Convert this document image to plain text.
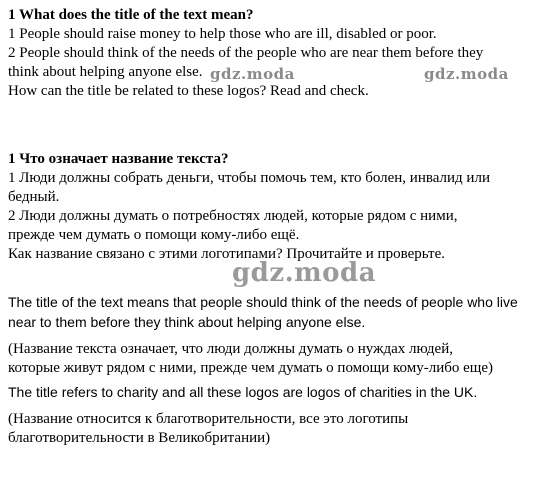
1 What does the title of the text mean?
1 People should raise money to help those who are ill, disabled or poor.
2 People should think of the needs of the people who are near them before they
think about helping anyone else.
How can the title be related to these logos? Read and check.
gdz.moda	gdz.moda
1 Что означает название текста?
1 Люди должны собрать деньги, чтобы помочь тем, кто болен, инвалид или
бедный.
2 Люди должны думать о потребностях людей, которые рядом с ними,
прежде чем думать о помощи кому-либо ещё.
Как название связано с этими логотипами? Прочитайте и проверьте.
gdz.moda
The title of the text means that people should think of the needs of people who live
near to them before they think about helping anyone else.
(Название текста означает, что люди должны думать о нуждах людей,
которые живут рядом с ними, прежде чем думать о помощи кому-либо еще)
The title refers to charity and all these logos are logos of charities in the UK.
(Название относится к благотворительности, все это логотипы
благотворительности в Великобритании)
